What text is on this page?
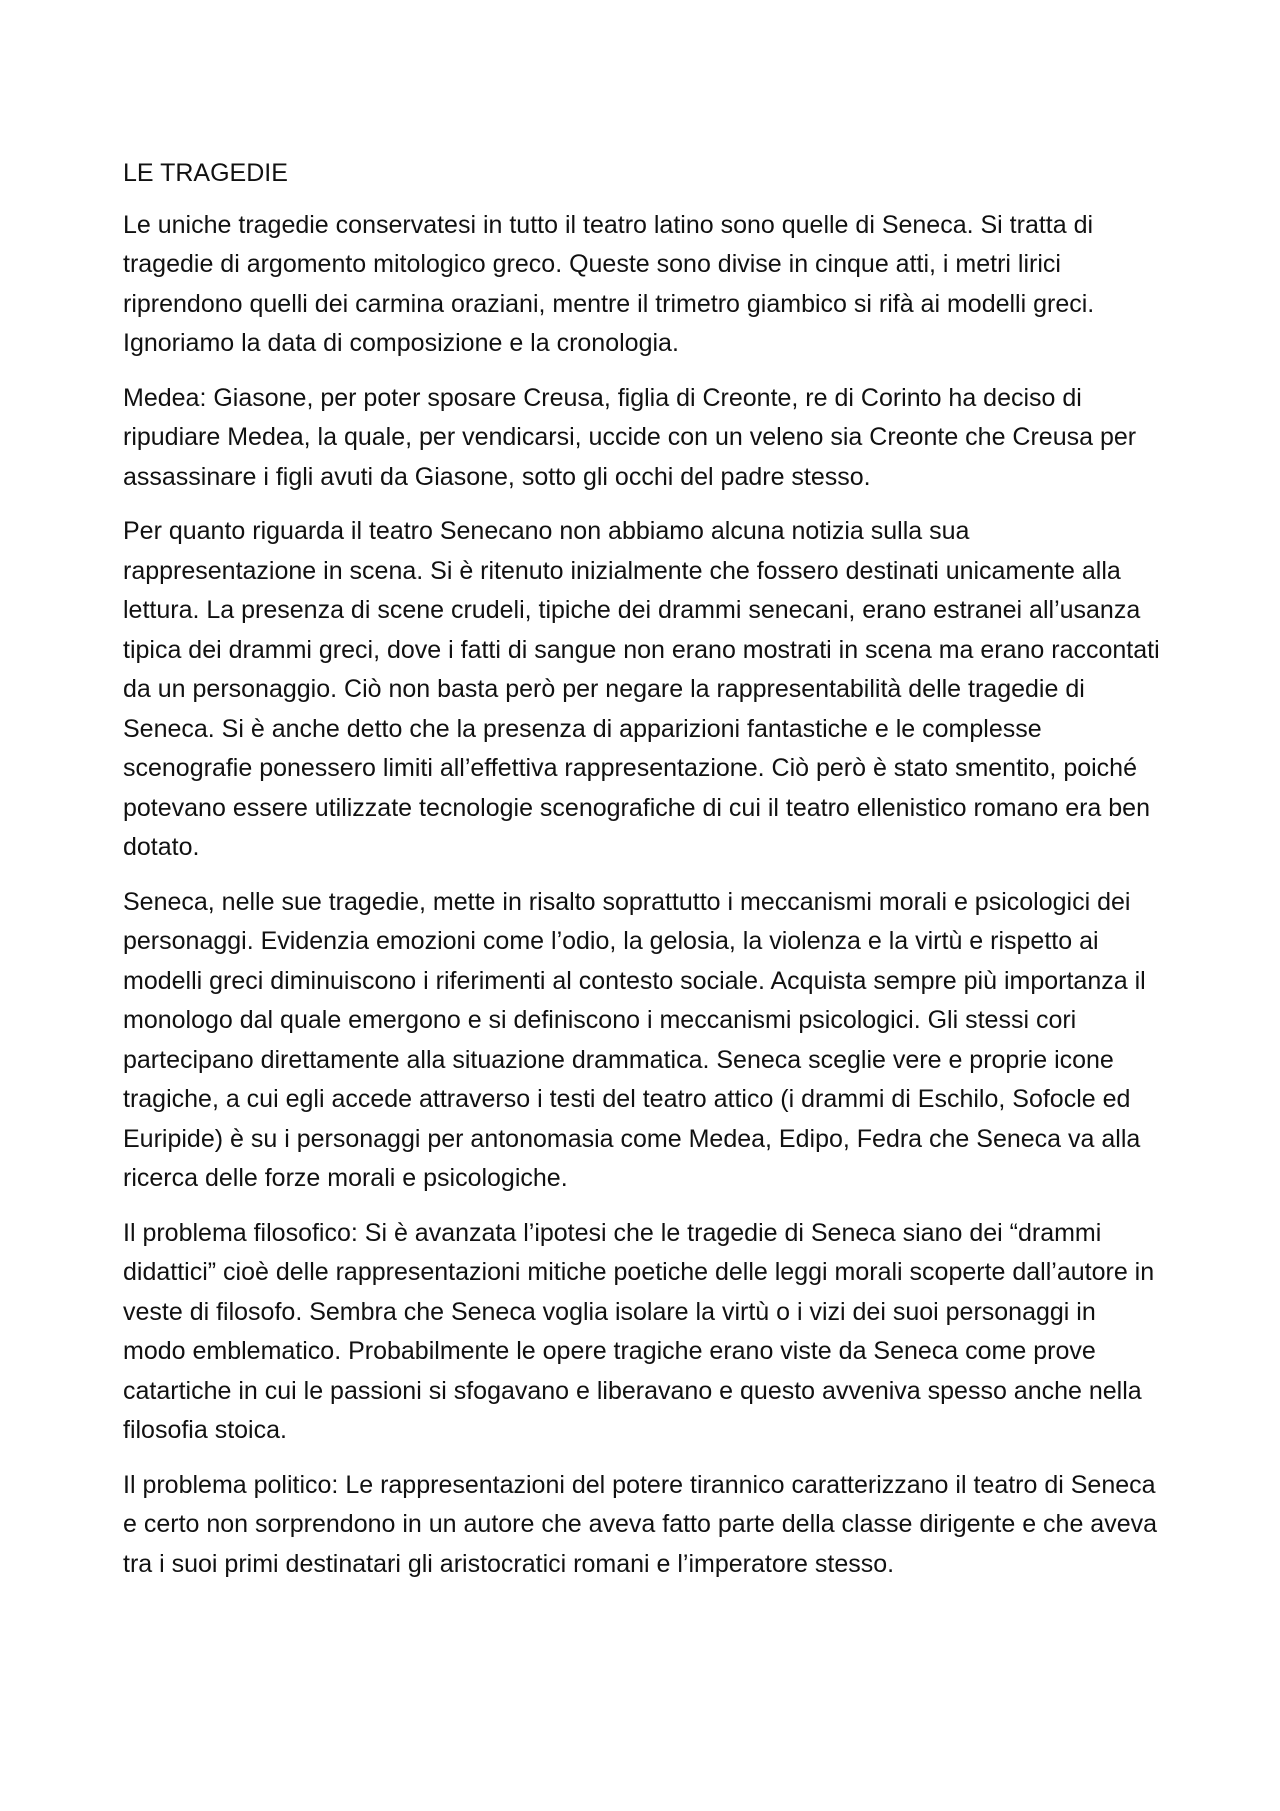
LE TRAGEDIE

Le uniche tragedie conservatesi in tutto il teatro latino sono quelle di Seneca. Si tratta di tragedie di argomento mitologico greco. Queste sono divise in cinque atti, i metri lirici riprendono quelli dei carmina oraziani, mentre il trimetro giambico si rifà ai modelli greci. Ignoriamo la data di composizione e la cronologia.

Medea: Giasone, per poter sposare Creusa, figlia di Creonte, re di Corinto ha deciso di ripudiare Medea, la quale, per vendicarsi, uccide con un veleno sia Creonte che Creusa per assassinare i figli avuti da Giasone, sotto gli occhi del padre stesso.

Per quanto riguarda il teatro Senecano non abbiamo alcuna notizia sulla sua rappresentazione in scena. Si è ritenuto inizialmente che fossero destinati unicamente alla lettura. La presenza di scene crudeli, tipiche dei drammi senecani, erano estranei all’usanza tipica dei drammi greci, dove i fatti di sangue non erano mostrati in scena ma erano raccontati da un personaggio. Ciò non basta però per negare la rappresentabilità delle tragedie di Seneca. Si è anche detto che la presenza di apparizioni fantastiche e le complesse scenografie ponessero limiti all’effettiva rappresentazione. Ciò però è stato smentito, poiché potevano essere utilizzate tecnologie scenografiche di cui il teatro ellenistico romano era ben dotato.

Seneca, nelle sue tragedie, mette in risalto soprattutto i meccanismi morali e psicologici dei personaggi. Evidenzia emozioni come l’odio, la gelosia, la violenza e la virtù e rispetto ai modelli greci diminuiscono i riferimenti al contesto sociale. Acquista sempre più importanza il monologo dal quale emergono e si definiscono i meccanismi psicologici. Gli stessi cori partecipano direttamente alla situazione drammatica. Seneca sceglie vere e proprie icone tragiche, a cui egli accede attraverso i testi del teatro attico (i drammi di Eschilo, Sofocle ed Euripide) è su i personaggi per antonomasia come Medea, Edipo, Fedra che Seneca va alla ricerca delle forze morali e psicologiche.

Il problema filosofico: Si è avanzata l’ipotesi che le tragedie di Seneca siano dei “drammi didattici” cioè delle rappresentazioni mitiche poetiche delle leggi morali scoperte dall’autore in veste di filosofo. Sembra che Seneca voglia isolare la virtù o i vizi dei suoi personaggi in modo emblematico. Probabilmente le opere tragiche erano viste da Seneca come prove catartiche in cui le passioni si sfogavano e liberavano e questo avveniva spesso anche nella filosofia stoica.

Il problema politico: Le rappresentazioni del potere tirannico caratterizzano il teatro di Seneca e certo non sorprendono in un autore che aveva fatto parte della classe dirigente e che aveva tra i suoi primi destinatari gli aristocratici romani e l’imperatore stesso.
